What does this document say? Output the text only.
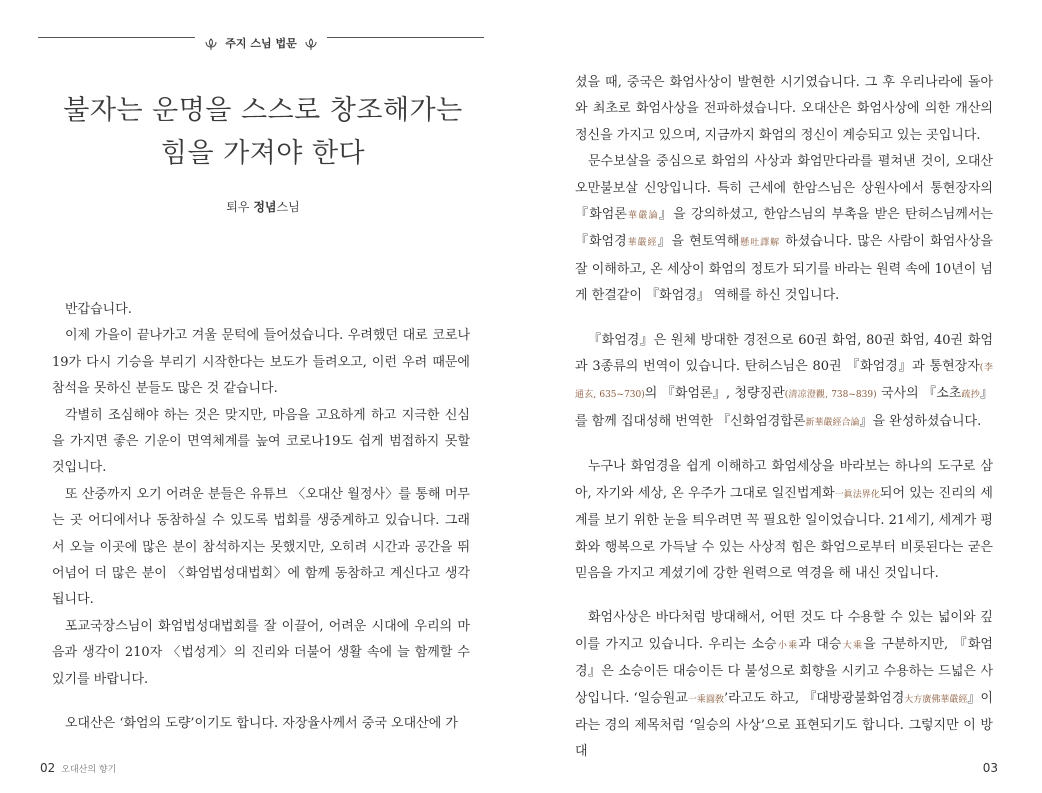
주지 스님 법문
불자는 운명을 스스로 창조해가는
힘을 가져야 한다
퇴우 정념스님

반갑습니다.

이제 가을이 끝나가고 겨울 문턱에 들어섰습니다. 우려했던 대로 코로나 19가 다시 기승을 부리기 시작한다는 보도가 들려오고, 이런 우려 때문에 참석을 못하신 분들도 많은 것 같습니다.

각별히 조심해야 하는 것은 맞지만, 마음을 고요하게 하고 지극한 신심을 가지면 좋은 기운이 면역체계를 높여 코로나19도 쉽게 범접하지 못할 것입니다.

또 산중까지 오기 어려운 분들은 유튜브 〈오대산 월정사〉를 통해 머무는 곳 어디에서나 동참하실 수 있도록 법회를 생중계하고 있습니다. 그래서 오늘 이곳에 많은 분이 참석하지는 못했지만, 오히려 시간과 공간을 뛰어넘어 더 많은 분이 〈화엄법성대법회〉에 함께 동참하고 계신다고 생각됩니다.

포교국장스님이 화엄법성대법회를 잘 이끌어, 어려운 시대에 우리의 마음과 생각이 210자 〈법성게〉의 진리와 더불어 생활 속에 늘 함께할 수 있기를 바랍니다.

오대산은 ‘화엄의 도량’이기도 합니다. 자장율사께서 중국 오대산에 가

02 오대산의 향기

셨을 때, 중국은 화엄사상이 발현한 시기였습니다. 그 후 우리나라에 돌아와 최초로 화엄사상을 전파하셨습니다. 오대산은 화엄사상에 의한 개산의 정신을 가지고 있으며, 지금까지 화엄의 정신이 계승되고 있는 곳입니다.

문수보살을 중심으로 화엄의 사상과 화엄만다라를 펼쳐낸 것이, 오대산 오만불보살 신앙입니다. 특히 근세에 한암스님은 상원사에서 통현장자의 『화엄론華嚴論』을 강의하셨고, 한암스님의 부촉을 받은 탄허스님께서는 『화엄경華嚴經』을 현토역해懸吐譯解 하셨습니다. 많은 사람이 화엄사상을 잘 이해하고, 온 세상이 화엄의 정토가 되기를 바라는 원력 속에 10년이 넘게 한결같이 『화엄경』 역해를 하신 것입니다.

『화엄경』은 원체 방대한 경전으로 60권 화엄, 80권 화엄, 40권 화엄과 3종류의 번역이 있습니다. 탄허스님은 80권 『화엄경』과 통현장자(李通玄, 635~730)의 『화엄론』, 청량징관(淸凉澄觀, 738~839) 국사의 『소초疏抄』를 함께 집대성해 번역한 『신화엄경합론新華嚴經合論』을 완성하셨습니다.

누구나 화엄경을 쉽게 이해하고 화엄세상을 바라보는 하나의 도구로 삼아, 자기와 세상, 온 우주가 그대로 일진법계화一眞法界化되어 있는 진리의 세계를 보기 위한 눈을 틔우려면 꼭 필요한 일이었습니다. 21세기, 세계가 평화와 행복으로 가득날 수 있는 사상적 힘은 화엄으로부터 비롯된다는 굳은 믿음을 가지고 계셨기에 강한 원력으로 역경을 해 내신 것입니다.

화엄사상은 바다처럼 방대해서, 어떤 것도 다 수용할 수 있는 넓이와 깊이를 가지고 있습니다. 우리는 소승小乘과 대승大乘을 구분하지만, 『화엄경』은 소승이든 대승이든 다 불성으로 회향을 시키고 수용하는 드넓은 사상입니다. ‘일승원교一乘圓敎’라고도 하고, 『대방광불화엄경大方廣佛華嚴經』이라는 경의 제목처럼 ‘일승의 사상’으로 표현되기도 합니다. 그렇지만 이 방대

03
